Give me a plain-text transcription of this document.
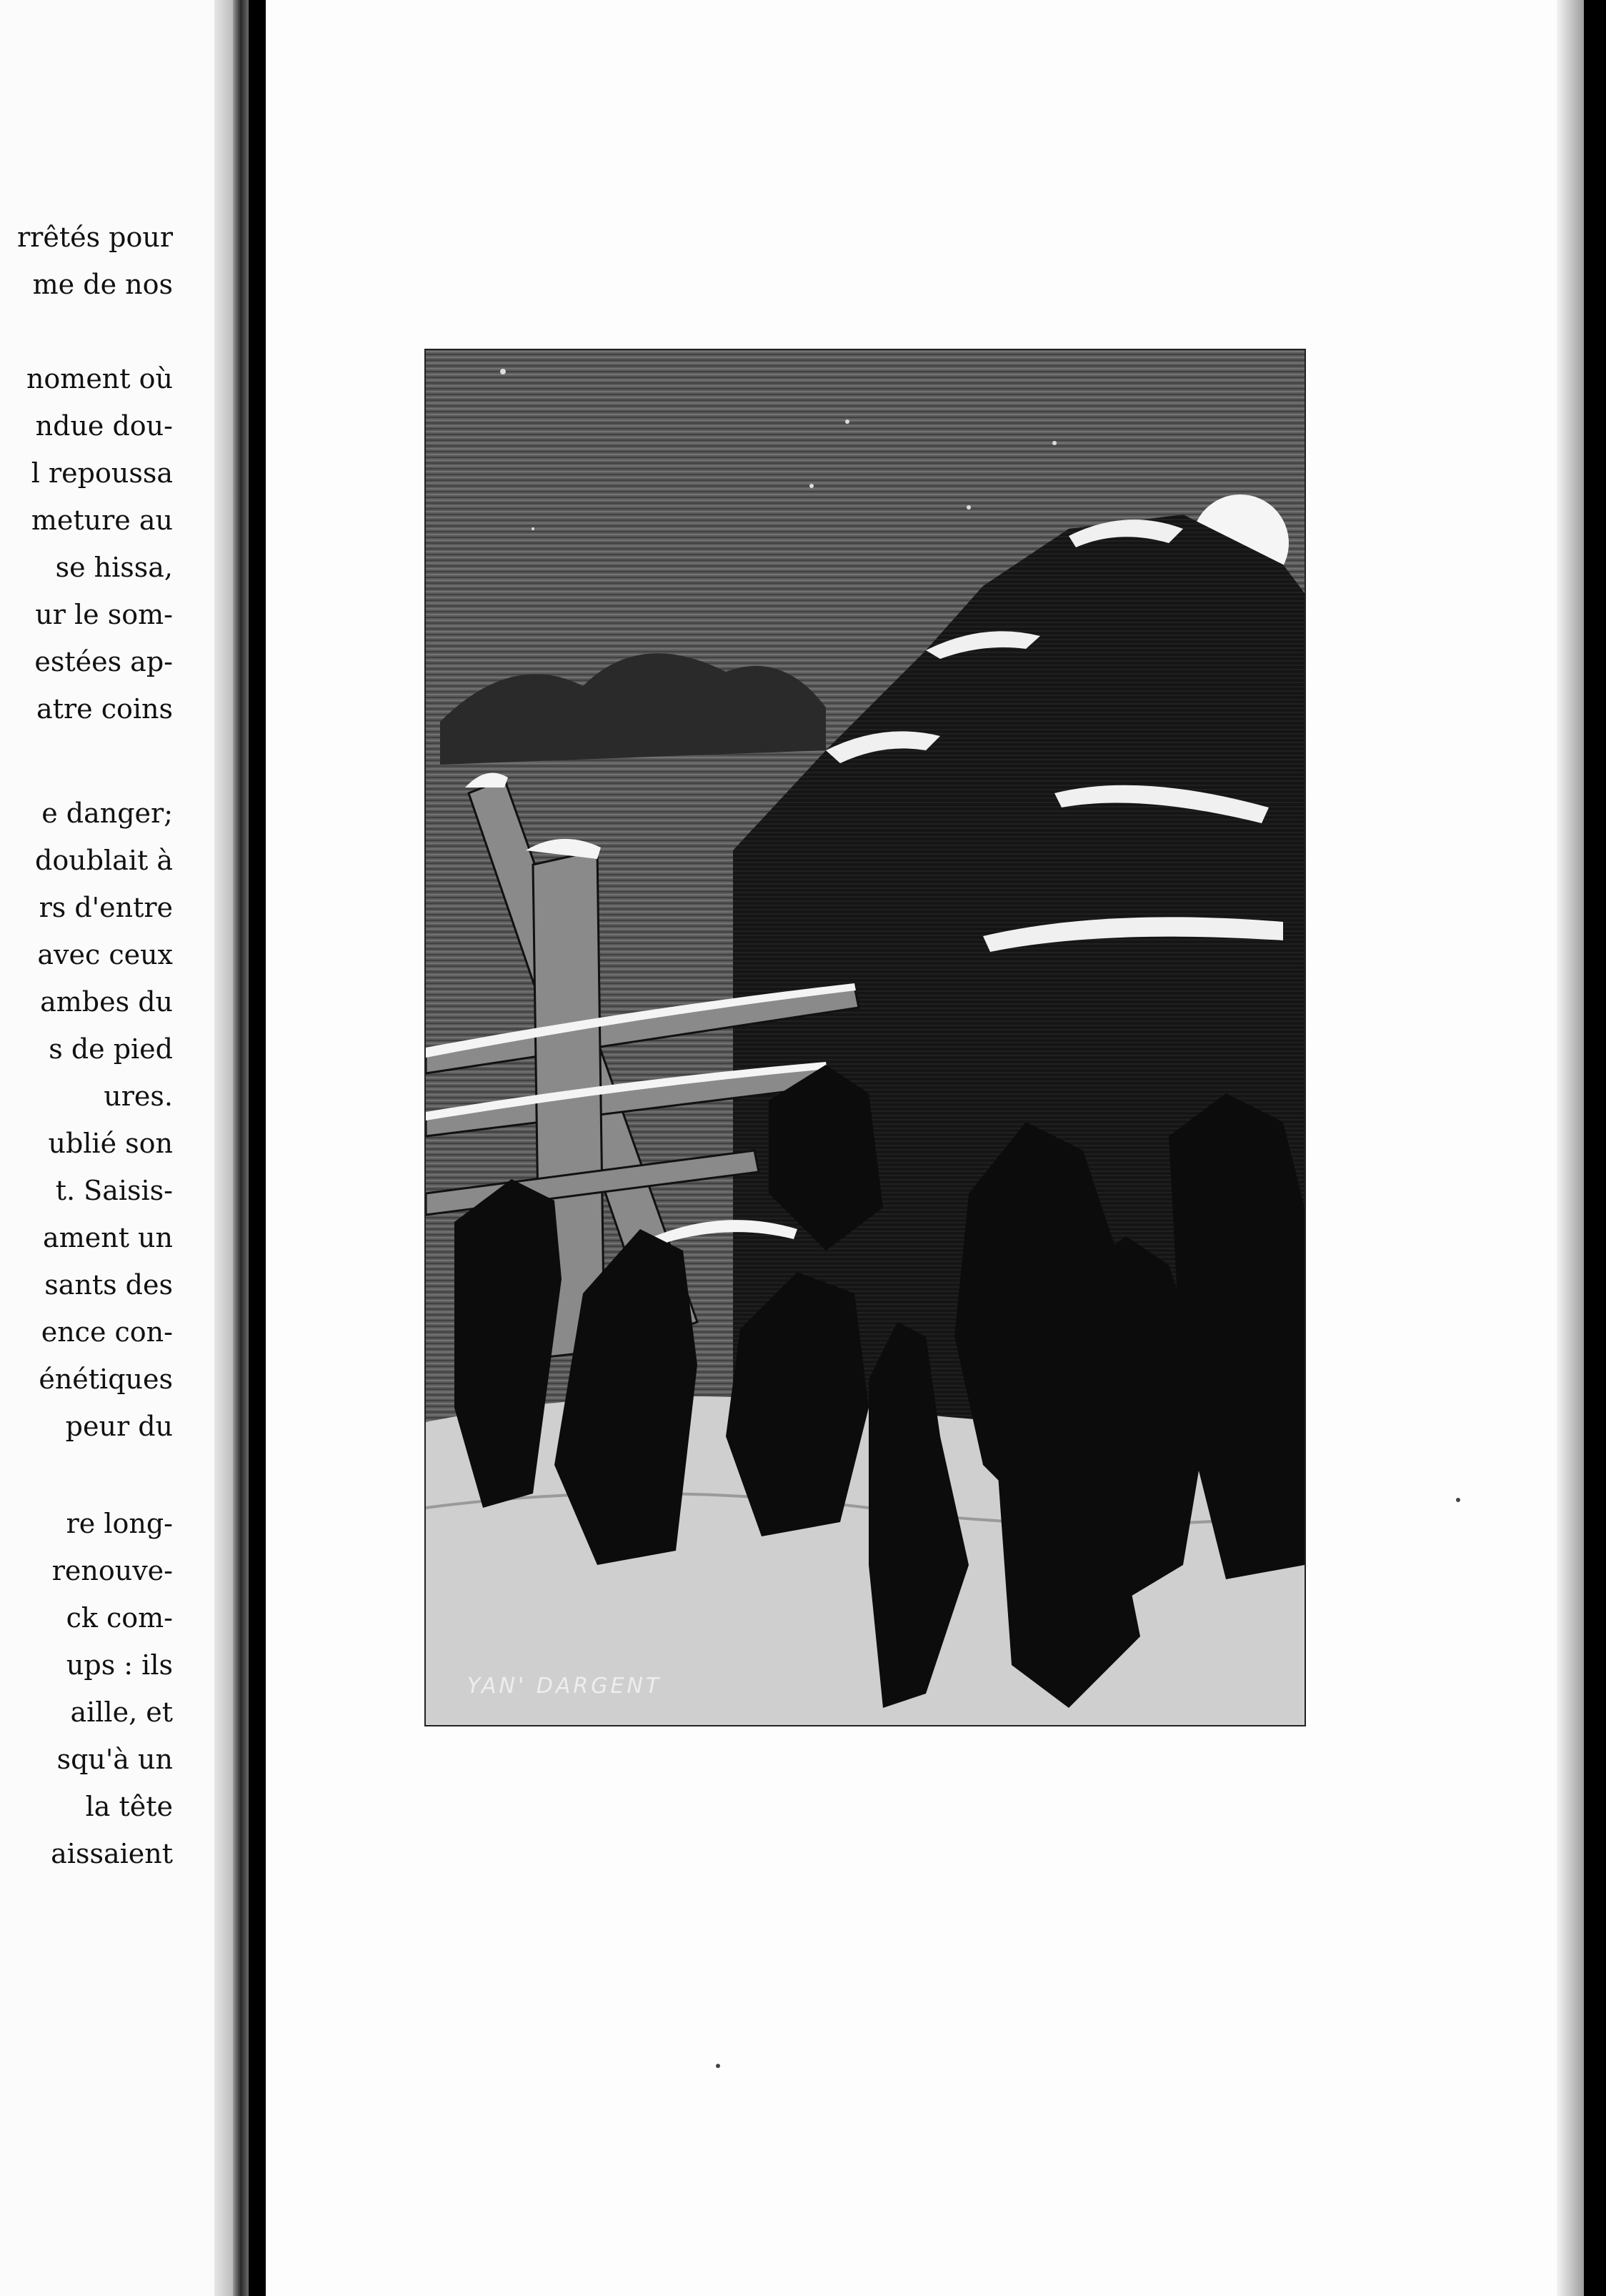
rrêtés pour
me de nos
noment où
ndue dou-
l repoussa
meture au
se hissa,
ur le som-
estées ap-
atre coins
e danger;
doublait à
rs d'entre
avec ceux
ambes du
s de pied
ures.
ublié son
t. Saisis-
ament un
sants des
ence con-
énétiques
peur du
re long-
renouve-
ck com-
ups : ils
aille, et
squ'à un
la tête
aissaient
YAN' DARGENT
